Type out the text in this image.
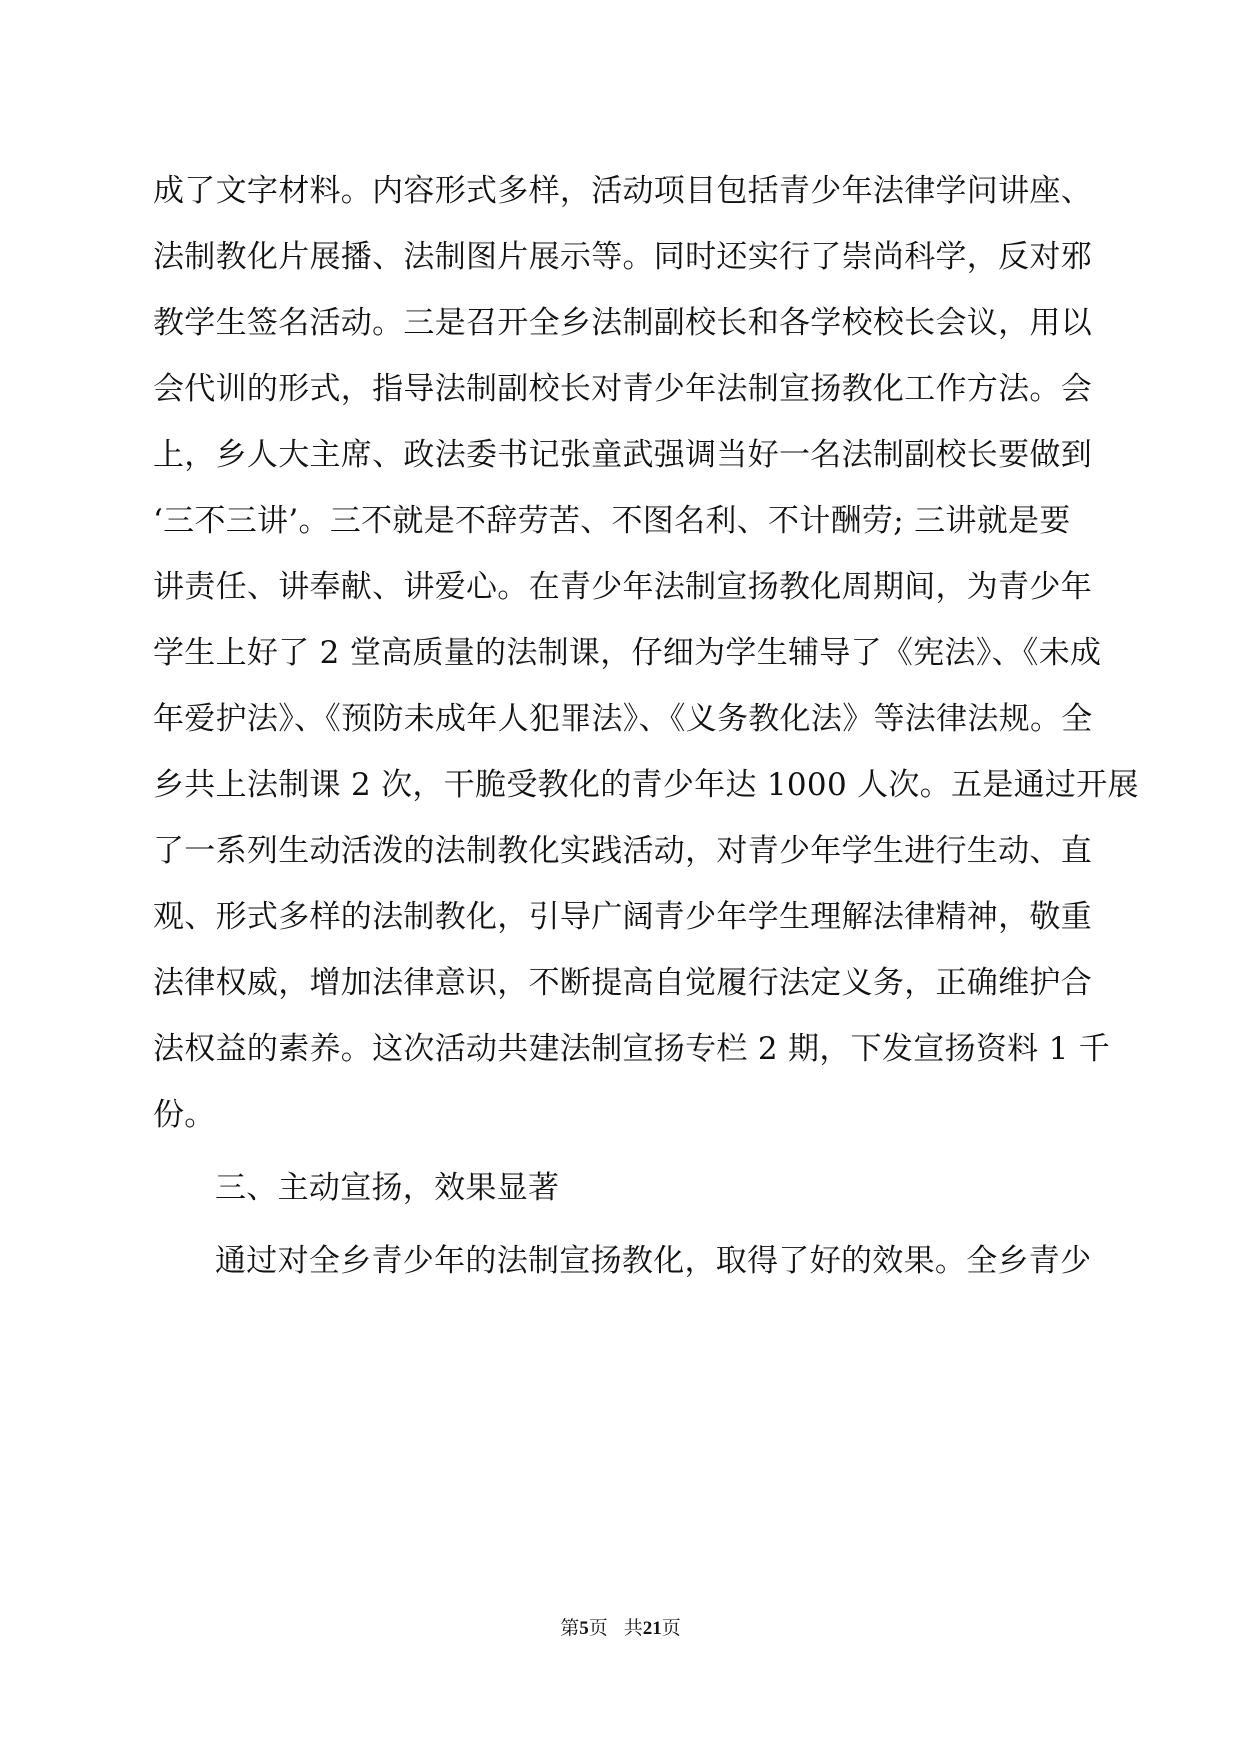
成了文字材料。内容形式多样，活动项目包括青少年法律学问讲座、
法制教化片展播、法制图片展示等。同时还实行了崇尚科学，反对邪
教学生签名活动。三是召开全乡法制副校长和各学校校长会议，用以
会代训的形式，指导法制副校长对青少年法制宣扬教化工作方法。会
上，乡人大主席、政法委书记张童武强调当好一名法制副校长要做到
‘三不三讲’。三不就是不辞劳苦、不图名利、不计酬劳; 三讲就是要
讲责任、讲奉献、讲爱心。在青少年法制宣扬教化周期间，为青少年
学生上好了 2 堂高质量的法制课，仔细为学生辅导了《宪法》、《未成
年爱护法》、《预防未成年人犯罪法》、《义务教化法》等法律法规。全
乡共上法制课 2 次，干脆受教化的青少年达 1000 人次。五是通过开展
了一系列生动活泼的法制教化实践活动，对青少年学生进行生动、直
观、形式多样的法制教化，引导广阔青少年学生理解法律精神，敬重
法律权威，增加法律意识，不断提高自觉履行法定义务，正确维护合
法权益的素养。这次活动共建法制宣扬专栏 2 期，下发宣扬资料 1 千
份。
三、主动宣扬，效果显著
通过对全乡青少年的法制宣扬教化，取得了好的效果。全乡青少
第5页 共21页
